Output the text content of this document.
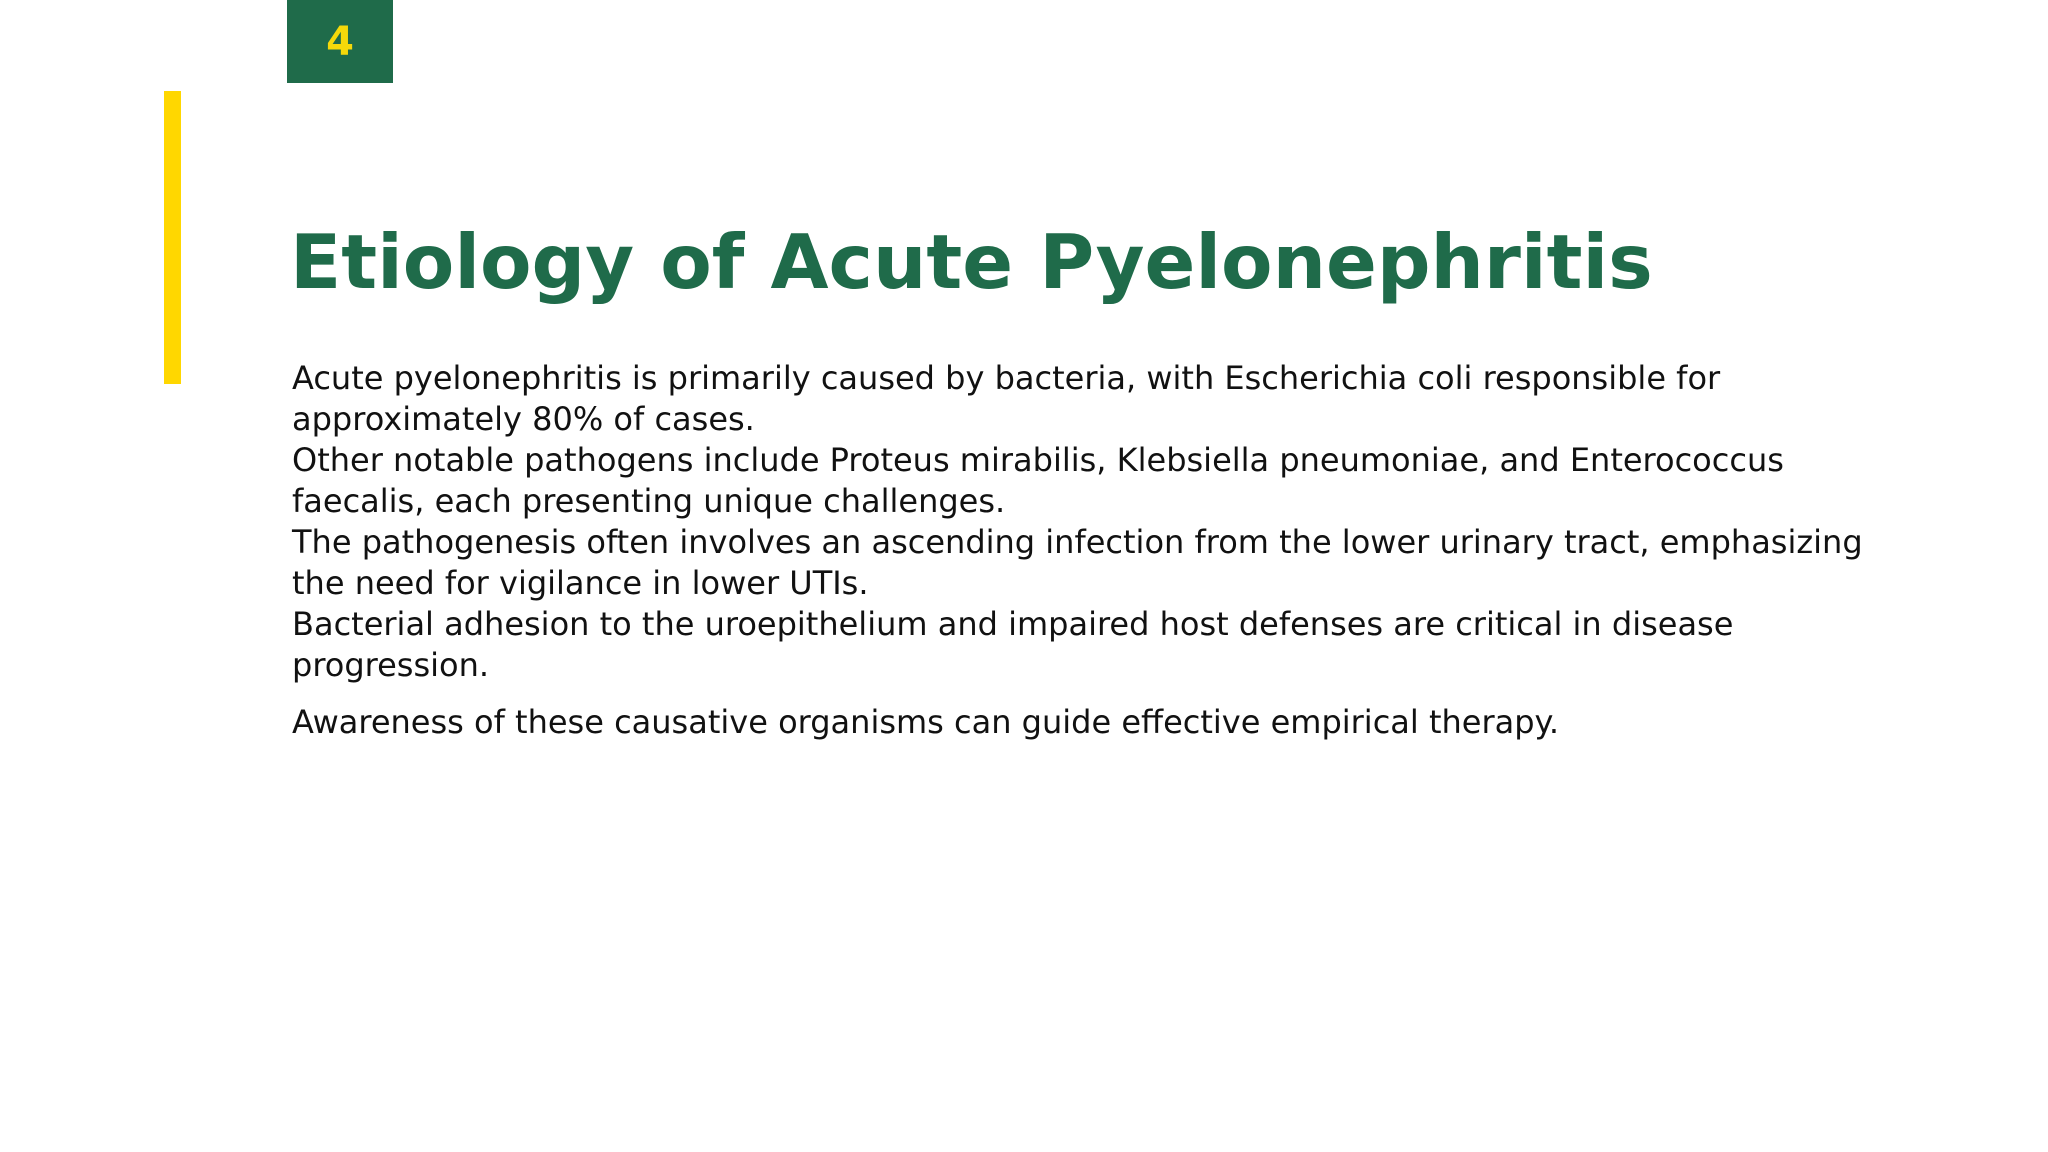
4
Etiology of Acute Pyelonephritis

Acute pyelonephritis is primarily caused by bacteria, with Escherichia coli responsible for approximately 80% of cases.

Other notable pathogens include Proteus mirabilis, Klebsiella pneumoniae, and Enterococcus faecalis, each presenting unique challenges.

The pathogenesis often involves an ascending infection from the lower urinary tract, emphasizing the need for vigilance in lower UTIs.

Bacterial adhesion to the uroepithelium and impaired host defenses are critical in disease progression.

Awareness of these causative organisms can guide effective empirical therapy.
